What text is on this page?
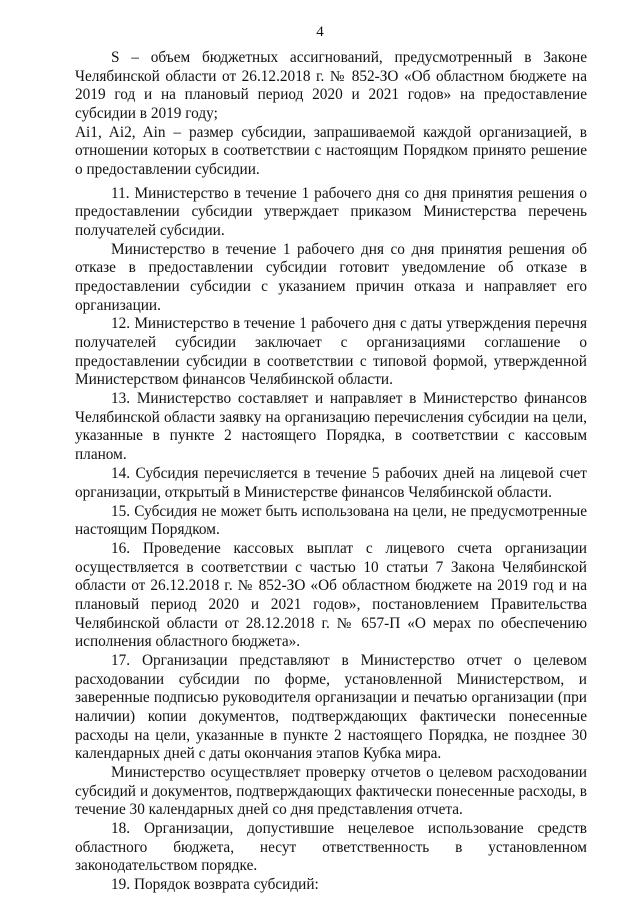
4

S – объем бюджетных ассигнований, предусмотренный в Законе Челябинской области от 26.12.2018 г. № 852-ЗО «Об областном бюджете на 2019 год и на плановый период 2020 и 2021 годов» на предоставление субсидии в 2019 году;

Ai1, Ai2, Ain – размер субсидии, запрашиваемой каждой организацией, в отношении которых в соответствии с настоящим Порядком принято решение о предоставлении субсидии.

11. Министерство в течение 1 рабочего дня со дня принятия решения о предоставлении субсидии утверждает приказом Министерства перечень получателей субсидии.

Министерство в течение 1 рабочего дня со дня принятия решения об отказе в предоставлении субсидии готовит уведомление об отказе в предоставлении субсидии с указанием причин отказа и направляет его организации.

12. Министерство в течение 1 рабочего дня с даты утверждения перечня получателей субсидии заключает с организациями соглашение о предоставлении субсидии в соответствии с типовой формой, утвержденной Министерством финансов Челябинской области.

13. Министерство составляет и направляет в Министерство финансов Челябинской области заявку на организацию перечисления субсидии на цели, указанные в пункте 2 настоящего Порядка, в соответствии с кассовым планом.

14. Субсидия перечисляется в течение 5 рабочих дней на лицевой счет организации, открытый в Министерстве финансов Челябинской области.

15. Субсидия не может быть использована на цели, не предусмотренные настоящим Порядком.

16. Проведение кассовых выплат с лицевого счета организации осуществляется в соответствии с частью 10 статьи 7 Закона Челябинской области от 26.12.2018 г. № 852-ЗО «Об областном бюджете на 2019 год и на плановый период 2020 и 2021 годов», постановлением Правительства Челябинской области от 28.12.2018 г. № 657-П «О мерах по обеспечению исполнения областного бюджета».

17. Организации представляют в Министерство отчет о целевом расходовании субсидии по форме, установленной Министерством, и заверенные подписью руководителя организации и печатью организации (при наличии) копии документов, подтверждающих фактически понесенные расходы на цели, указанные в пункте 2 настоящего Порядка, не позднее 30 календарных дней с даты окончания этапов Кубка мира.

Министерство осуществляет проверку отчетов о целевом расходовании субсидий и документов, подтверждающих фактически понесенные расходы, в течение 30 календарных дней со дня представления отчета.

18. Организации, допустившие нецелевое использование средств областного бюджета, несут ответственность в установленном законодательством порядке.

19. Порядок возврата субсидий:
